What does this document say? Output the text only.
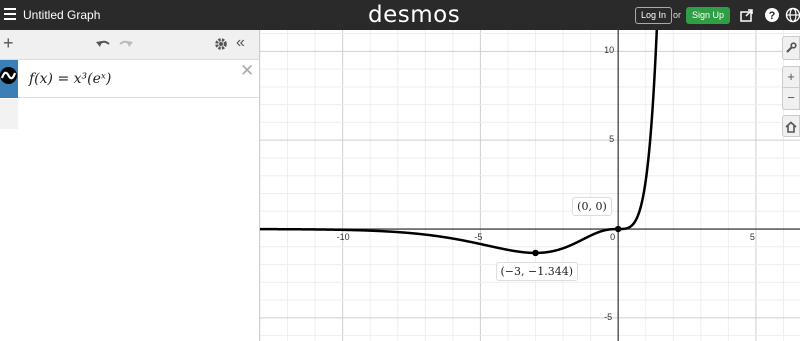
Untitled Graph	desmos	Log In or	Sign Up	?
+	«
f(x) = x³(eˣ)	✕
-10	-5	0	5
10
5
-5
(0, 0)
(−3, −1.344)
+
−
